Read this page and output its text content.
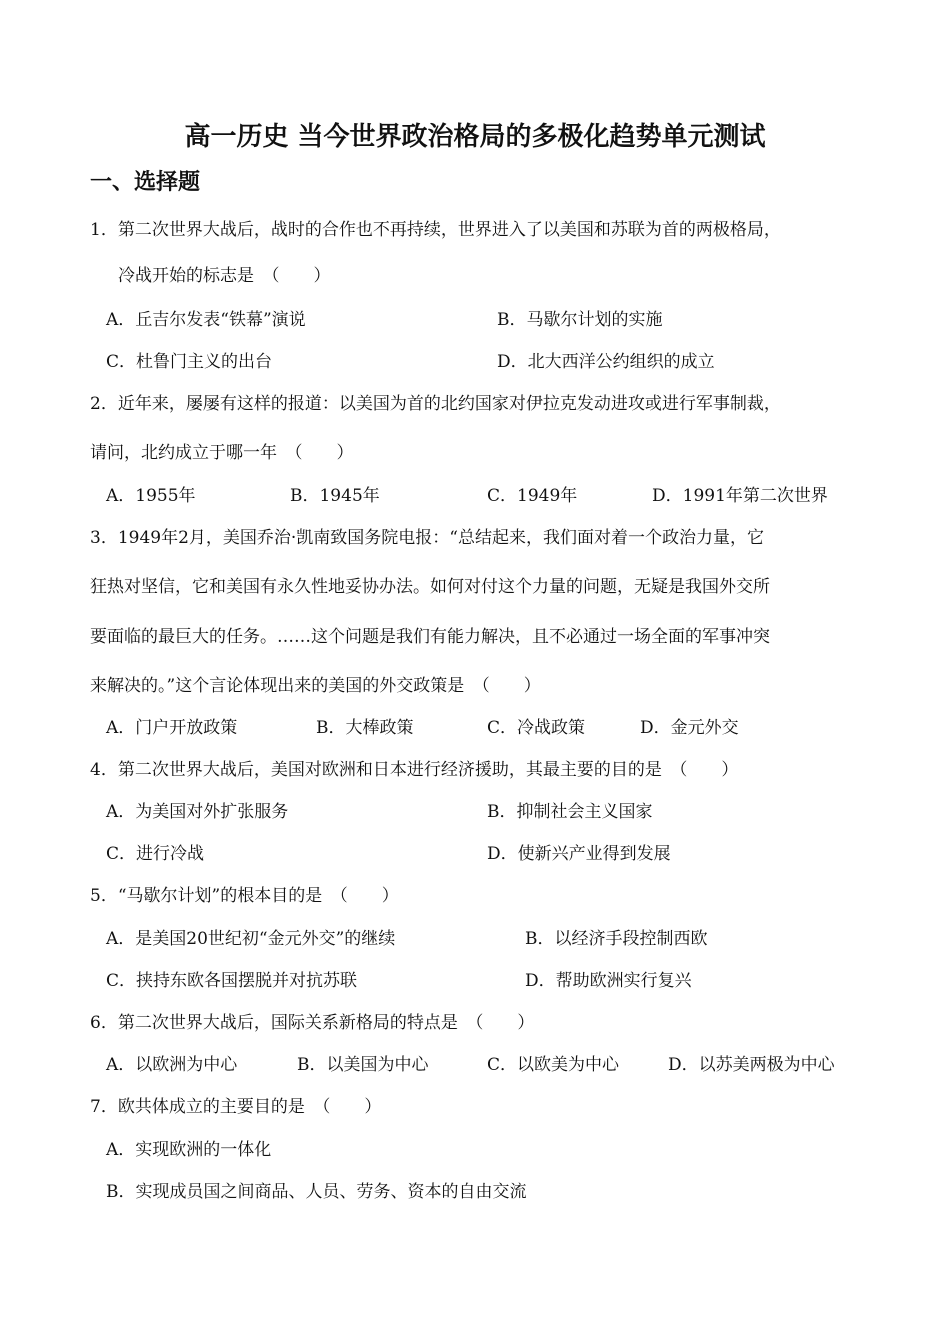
高一历史 当今世界政治格局的多极化趋势单元测试
一、选择题
1．第二次世界大战后，战时的合作也不再持续，世界进入了以美国和苏联为首的两极格局，
冷战开始的标志是　（　　）
A．丘吉尔发表“铁幕”演说	B．马歇尔计划的实施
C．杜鲁门主义的出台	D．北大西洋公约组织的成立
2．近年来，屡屡有这样的报道：以美国为首的北约国家对伊拉克发动进攻或进行军事制裁，
请问，北约成立于哪一年　（　　）
A．1955年	B．1945年	C．1949年	D．1991年第二次世界
3．1949年2月，美国乔治·凯南致国务院电报：“总结起来，我们面对着一个政治力量，它
狂热对坚信，它和美国有永久性地妥协办法。如何对付这个力量的问题，无疑是我国外交所
要面临的最巨大的任务。……这个问题是我们有能力解决，且不必通过一场全面的军事冲突
来解决的。”这个言论体现出来的美国的外交政策是　（　　）
A．门户开放政策	B．大棒政策	C．冷战政策	D．金元外交
4．第二次世界大战后，美国对欧洲和日本进行经济援助，其最主要的目的是　（　　）
A．为美国对外扩张服务	B．抑制社会主义国家
C．进行冷战	D．使新兴产业得到发展
5．“马歇尔计划”的根本目的是　（　　）
A．是美国20世纪初“金元外交”的继续	B．以经济手段控制西欧
C．挟持东欧各国摆脱并对抗苏联	D．帮助欧洲实行复兴
6．第二次世界大战后，国际关系新格局的特点是　（　　）
A．以欧洲为中心	B．以美国为中心	C．以欧美为中心	D．以苏美两极为中心
7．欧共体成立的主要目的是　（　　）
A．实现欧洲的一体化
B．实现成员国之间商品、人员、劳务、资本的自由交流
